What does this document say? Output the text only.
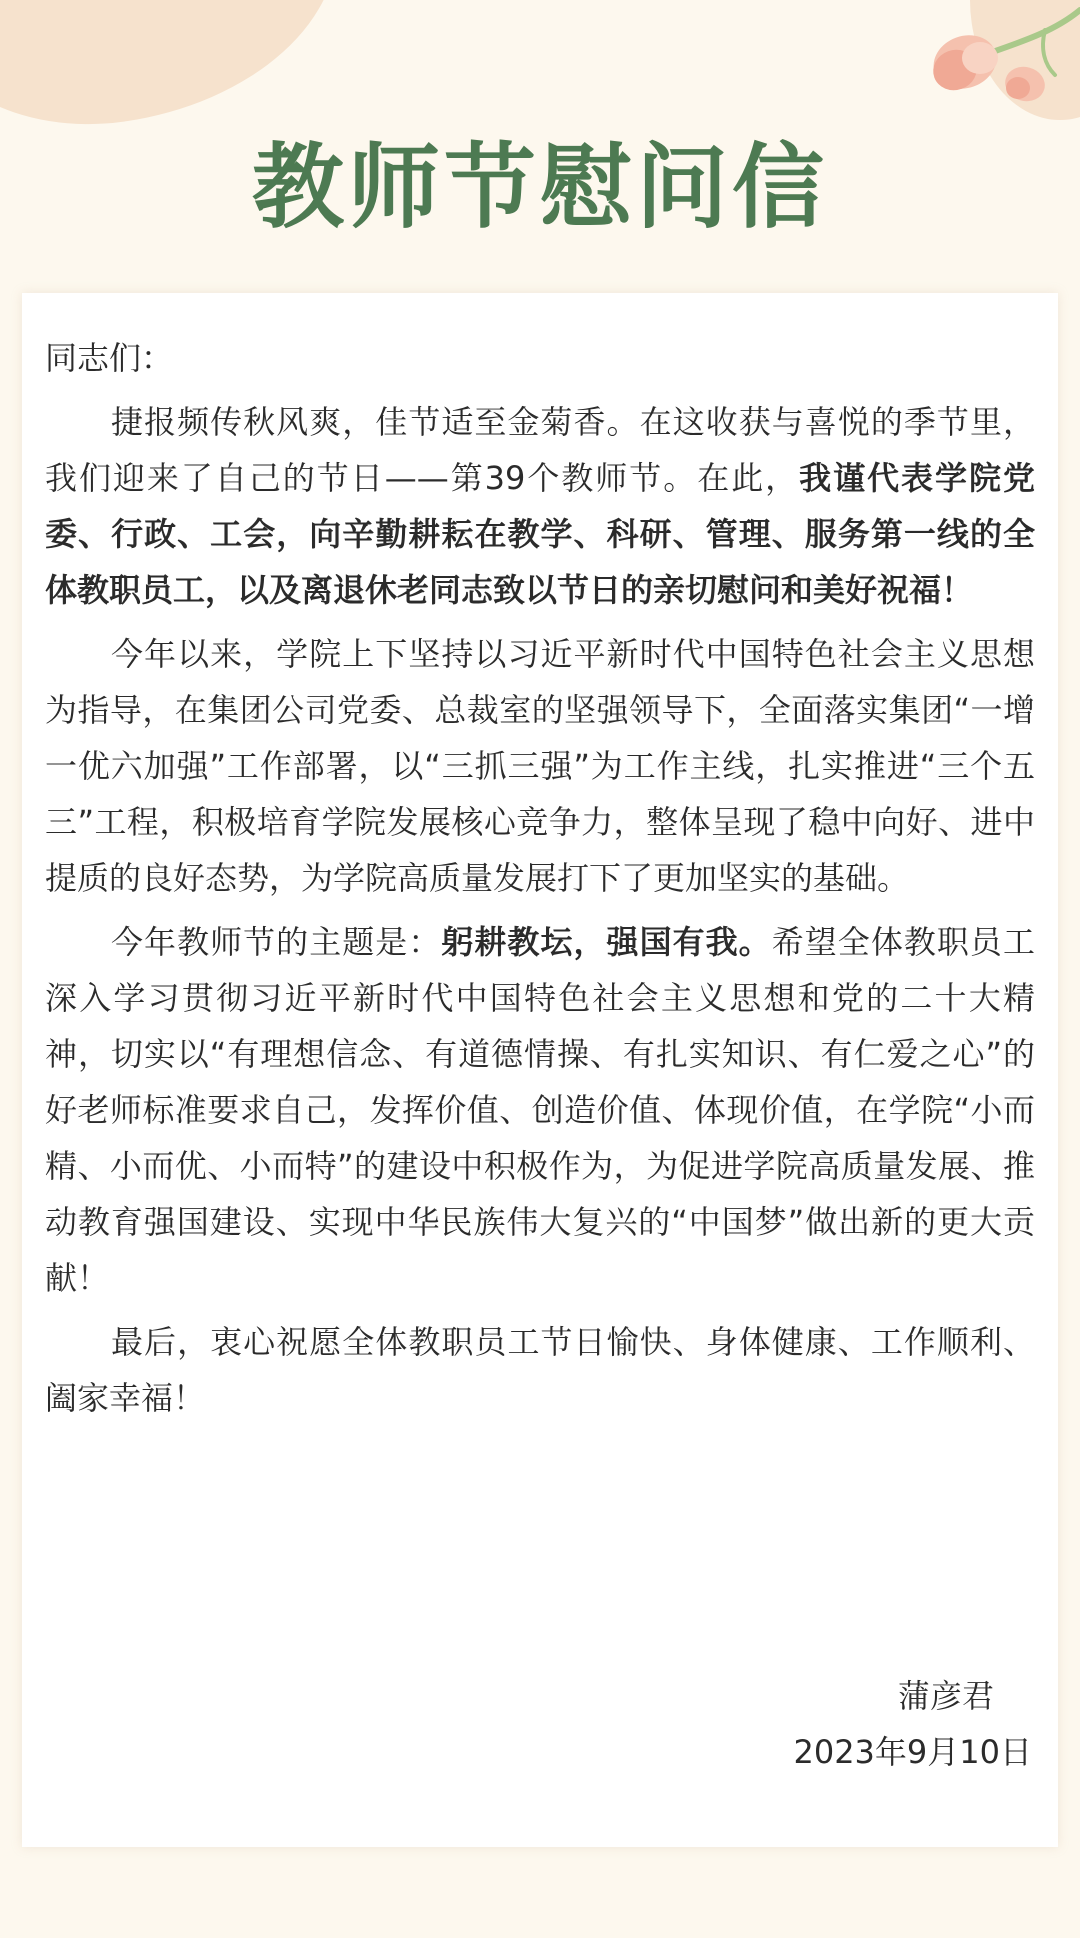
教师节慰问信

同志们：

捷报频传秋风爽，佳节适至金菊香。在这收获与喜悦的季节里，我们迎来了自己的节日——第39个教师节。在此，我谨代表学院党委、行政、工会，向辛勤耕耘在教学、科研、管理、服务第一线的全体教职员工，以及离退休老同志致以节日的亲切慰问和美好祝福！

今年以来，学院上下坚持以习近平新时代中国特色社会主义思想为指导，在集团公司党委、总裁室的坚强领导下，全面落实集团“一增一优六加强”工作部署，以“三抓三强”为工作主线，扎实推进“三个五三”工程，积极培育学院发展核心竞争力，整体呈现了稳中向好、进中提质的良好态势，为学院高质量发展打下了更加坚实的基础。

今年教师节的主题是：躬耕教坛，强国有我。希望全体教职员工深入学习贯彻习近平新时代中国特色社会主义思想和党的二十大精神，切实以“有理想信念、有道德情操、有扎实知识、有仁爱之心”的好老师标准要求自己，发挥价值、创造价值、体现价值，在学院“小而精、小而优、小而特”的建设中积极作为，为促进学院高质量发展、推动教育强国建设、实现中华民族伟大复兴的“中国梦”做出新的更大贡献！

最后，衷心祝愿全体教职员工节日愉快、身体健康、工作顺利、阖家幸福！

蒲彦君
2023年9月10日
